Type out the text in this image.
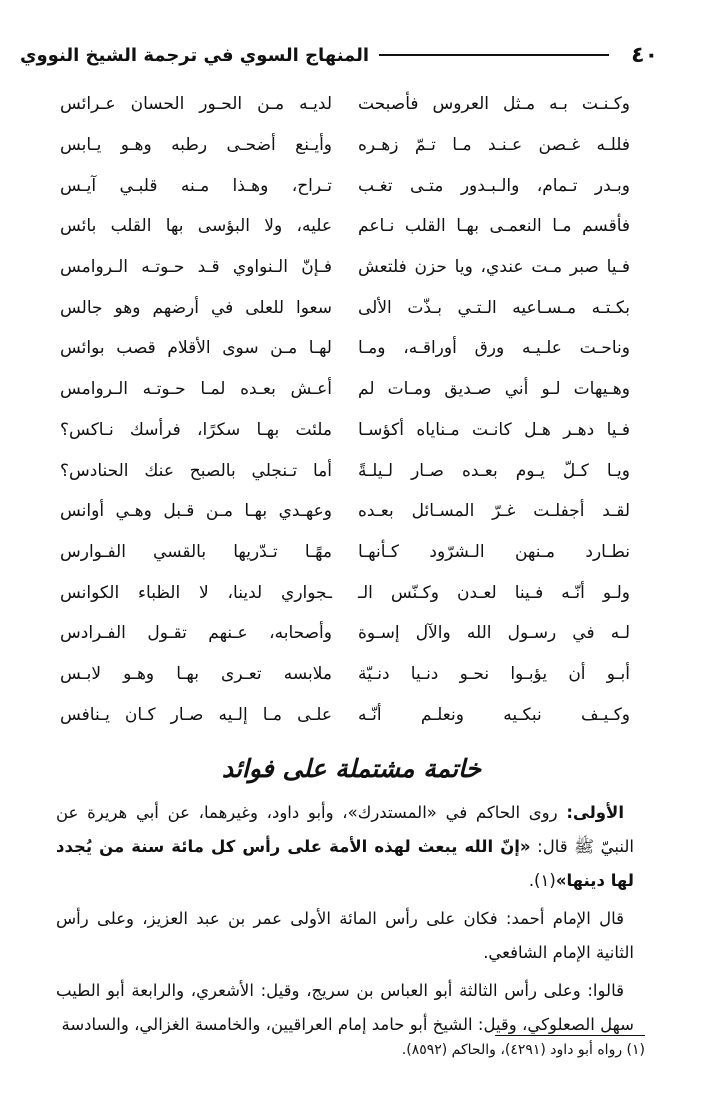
٤٠
المنهاج السوي في ترجمة الشيخ النووي
وكـنـت بـه مـثل العروس فأصبحت
لديـه مـن الحـور الحسان عـرائس
فللـه غـصن عـنـد مـا تـمّ زهـره
وأيـنع أضحـى رطبه وهـو يـابس
وبـدر تـمام، والـبـدور متـى تغـب
تـراح، وهـذا مـنه قلبـي آيـس
فأقسم مـا النعمـى بهـا القلب نـاعم
عليه، ولا البؤسى بها القلب بائس
فـيا صبر مـت عندي، ويا حزن فلتعش
فـإنّ الـنواوي قـد حـوتـه الـروامس
بكـتـه مـسـاعيه الـتـي بـذّت الألى
سعوا للعلى في أرضهم وهو جالس
وناحـت علـيـه ورق أوراقـه، ومـا
لهـا مـن سوى الأقلام قصب بوائس
وهـيهات لـو أني صـديق ومـات لم
أعـش بعـده لمـا حـوتـه الـروامس
فـيا دهـر هـل كانـت مـناياه أكؤسـا
ملئت بهـا سكرًا، فرأسك نـاكس؟
ويـا كـلّ يـوم بعـده صـار لـيلـةً
أما تـنجلي بالصبح عنك الحنادس؟
لقـد أجفلـت غـرّ المسـائل بعـده
وعهـدي بهـا مـن قـبل وهـي أوانس
نطـارد مـنهن الـشرّود كـأنهـا
مهًـا تـدّريها بالقسي الفـوارس
ولـو أنّـه فـينا لعـدن وكـنّس الـ
ـجواري لدينا، لا الظباء الكوانس
لـه في رسـول الله والآل إسـوة
وأصحابه، عـنهم تقـول الفـرادس
أبـو أن يؤبـوا نحـو دنـيا دنـيّة
ملابسه تعـرى بهـا وهـو لابـس
وكـيـف نبكـيه ونعلـم أنّـه
علـى مـا إلـيه صـار كـان يـنافس
خاتمة مشتملة على فوائد

الأولى: روى الحاكم في «المستدرك»، وأبو داود، وغيرهما، عن أبي هريرة عن النبيّ ﷺ قال: «إنّ الله يبعث لهذه الأمة على رأس كل مائة سنة من يُجدد لها دينها»(١).

قال الإمام أحمد: فكان على رأس المائة الأولى عمر بن عبد العزيز، وعلى رأس الثانية الإمام الشافعي.

قالوا: وعلى رأس الثالثة أبو العباس بن سريج، وقيل: الأشعري، والرابعة أبو الطيب سهل الصعلوكي، وقيل: الشيخ أبو حامد إمام العراقيين، والخامسة الغزالي، والسادسة

(١) رواه أبو داود (٤٢٩١)، والحاكم (٨٥٩٢).
